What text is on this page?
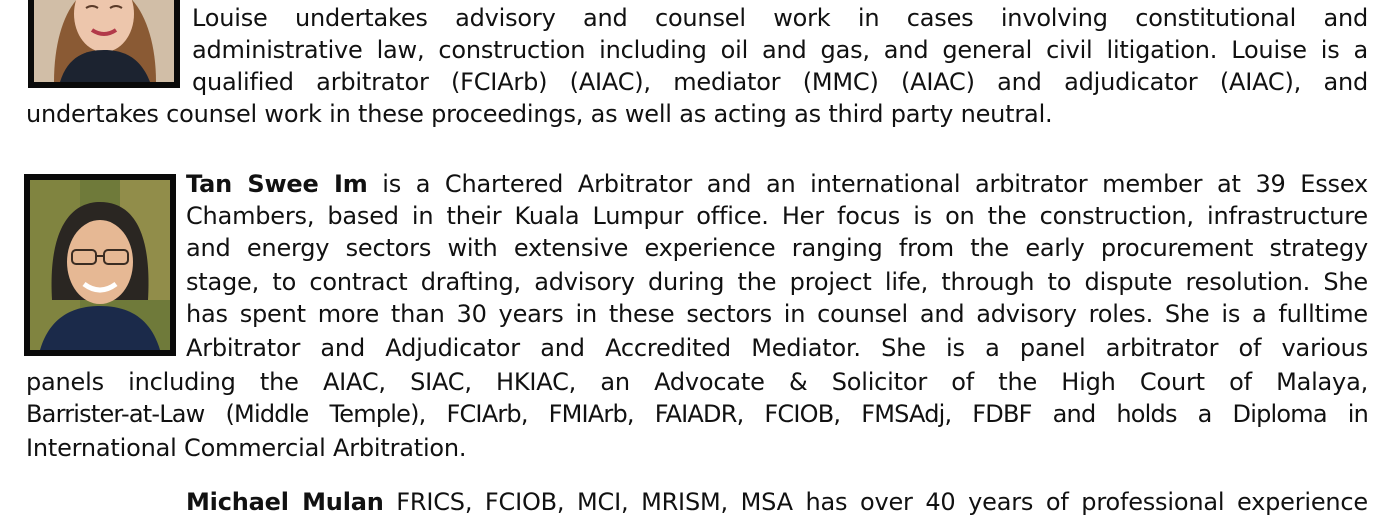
Louise undertakes advisory and counsel work in cases involving constitutional and
administrative law, construction including oil and gas, and general civil litigation. Louise is a
qualified arbitrator (FCIArb) (AIAC), mediator (MMC) (AIAC) and adjudicator (AIAC), and
undertakes counsel work in these proceedings, as well as acting as third party neutral.
Tan Swee Im is a Chartered Arbitrator and an international arbitrator member at 39 Essex
Chambers, based in their Kuala Lumpur office. Her focus is on the construction, infrastructure
and energy sectors with extensive experience ranging from the early procurement strategy
stage, to contract drafting, advisory during the project life, through to dispute resolution. She
has spent more than 30 years in these sectors in counsel and advisory roles. She is a fulltime
Arbitrator and Adjudicator and Accredited Mediator. She is a panel arbitrator of various
panels including the AIAC, SIAC, HKIAC, an Advocate & Solicitor of the High Court of Malaya,
Barrister-at-Law (Middle Temple), FCIArb, FMIArb, FAIADR, FCIOB, FMSAdj, FDBF and holds a Diploma in
International Commercial Arbitration.
Michael Mulan FRICS, FCIOB, MCI, MRISM, MSA has over 40 years of professional experience
